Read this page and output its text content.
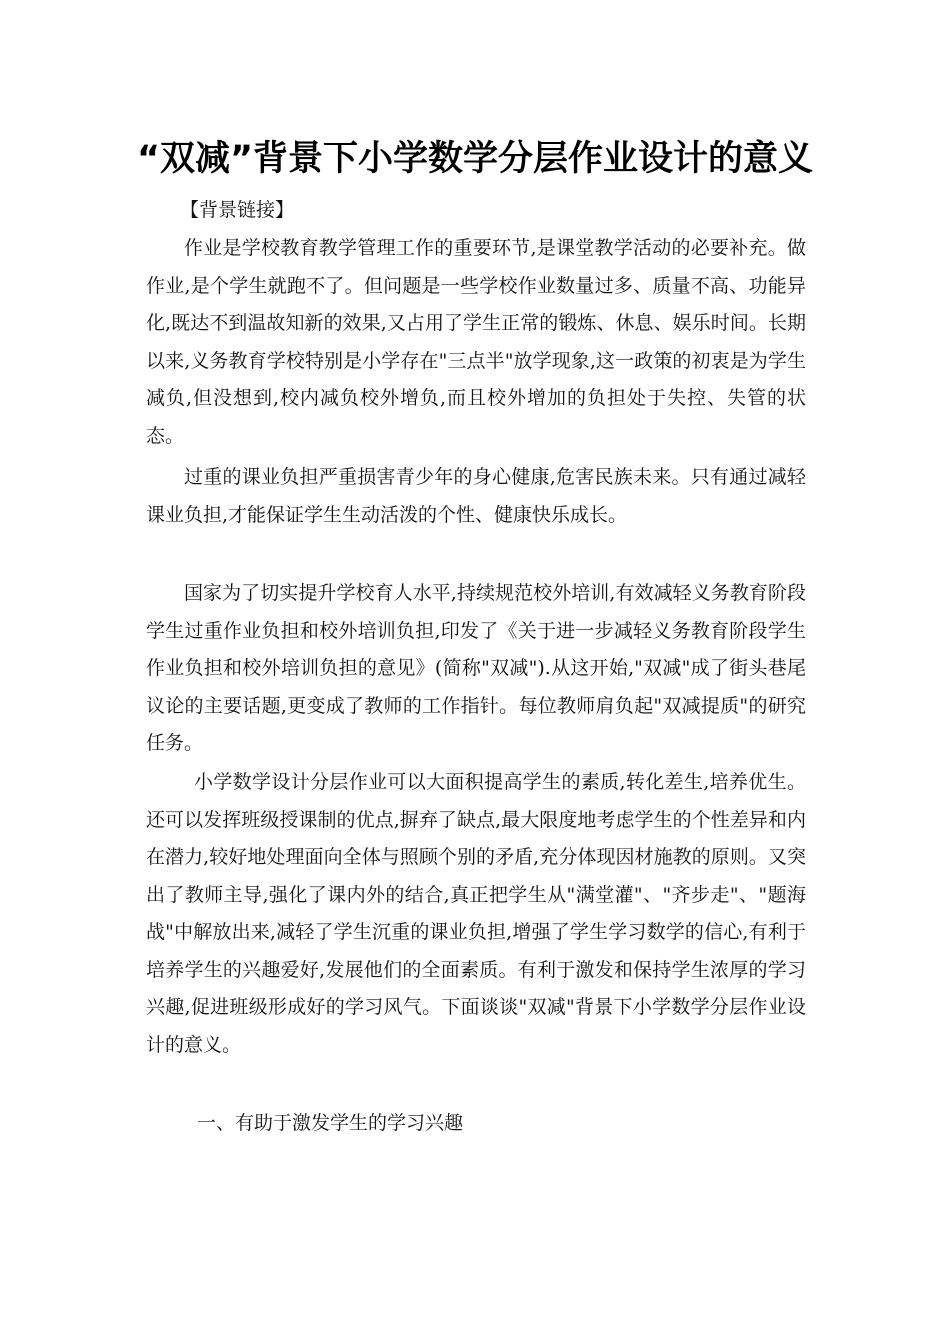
“双减”背景下小学数学分层作业设计的意义
【背景链接】

作业是学校教育教学管理工作的重要环节,是课堂教学活动的必要补充。做作业,是个学生就跑不了。但问题是一些学校作业数量过多、质量不高、功能异化,既达不到温故知新的效果,又占用了学生正常的锻炼、休息、娱乐时间。长期以来,义务教育学校特别是小学存在"三点半"放学现象,这一政策的初衷是为学生减负,但没想到,校内减负校外增负,而且校外增加的负担处于失控、失管的状态。

过重的课业负担严重损害青少年的身心健康,危害民族未来。只有通过减轻课业负担,才能保证学生生动活泼的个性、健康快乐成长。

国家为了切实提升学校育人水平,持续规范校外培训,有效减轻义务教育阶段学生过重作业负担和校外培训负担,印发了《关于进一步减轻义务教育阶段学生作业负担和校外培训负担的意见》(简称"双减").从这开始,"双减"成了街头巷尾议论的主要话题,更变成了教师的工作指针。每位教师肩负起"双减提质"的研究任务。

小学数学设计分层作业可以大面积提高学生的素质,转化差生,培养优生。还可以发挥班级授课制的优点,摒弃了缺点,最大限度地考虑学生的个性差异和内在潜力,较好地处理面向全体与照顾个别的矛盾,充分体现因材施教的原则。又突出了教师主导,强化了课内外的结合,真正把学生从"满堂灌"、"齐步走"、"题海战"中解放出来,减轻了学生沉重的课业负担,增强了学生学习数学的信心,有利于培养学生的兴趣爱好,发展他们的全面素质。有利于激发和保持学生浓厚的学习兴趣,促进班级形成好的学习风气。下面谈谈"双减"背景下小学数学分层作业设计的意义。

一、有助于激发学生的学习兴趣
